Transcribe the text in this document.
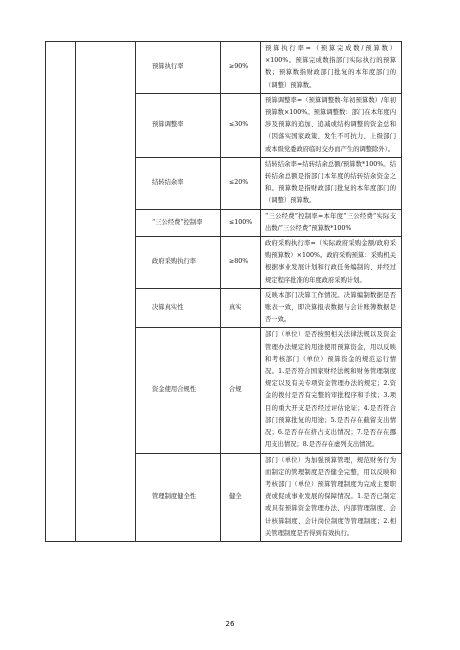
		预算执行率	≥90%	预算执行率=（预算完成数/预算数）×100%。预算完成数指部门实际执行的预算数；预算数指财政部门批复的本年度部门的（调整）预算数。
		预算调整率	≤30%	预算调整率=（预算调整数-年初预算数）/年初预算数×100%。预算调整数：部门在本年度内涉及预算的追加、追减或结构调整的资金总和（因落实国家政策、发生不可抗力、上级部门或本级党委政府临时交办而产生的调整除外）。
		结转结余率	≤20%	结转结余率=结转结余总额/预算数*100%。结转结余总额是指部门本年度的结转结余资金之和。预算数是指财政部门批复的本年度部门的（调整）预算数。
		“三公经费”控制率	≤100%	“三公经费”控制率=本年度“三公经费”实际支出数/“三公经费”预算数*100%
		政府采购执行率	≥80%	政府采购执行率=（实际政府采购金额/政府采购预算数）×100%。政府采购预算：采购机关根据事业发展计划和行政任务编制的、并经过规定程序批准的年度政府采购计划。
		决算真实性	真实	反映本部门决算工作情况。决算编制数据是否账表一致，即决算报表数据与会计账簿数据是否一致。
		资金使用合规性	合规	部门（单位）是否按照相关法律法规以及资金管理办法规定的用途使用预算资金，用以反映和考核部门（单位）预算资金的规范运行情况。1.是否符合国家财经法规和财务管理制度规定以及有关专项资金管理办法的规定；2.资金的拨付是否有完整的审批程序和手续；3.项目的重大开支是否经过评估论证；4.是否符合部门预算批复的用途；5.是否存在截留支出情况；6.是否存在挤占支出情况；7.是否存在挪用支出情况；8.是否存在虚列支出情况。
		管理制度健全性	健全	部门（单位）为加强预算管理，规范财务行为而制定的管理制度是否健全完整，用以反映和考核部门（单位）预算管理制度为完成主要职责或促成事业发展的保障情况。1.是否已制定或具有预算资金管理办法、内部管理制度、会计核算制度、会计岗位制度等管理制度；2.相关管理制度是否得到有效执行。
26
